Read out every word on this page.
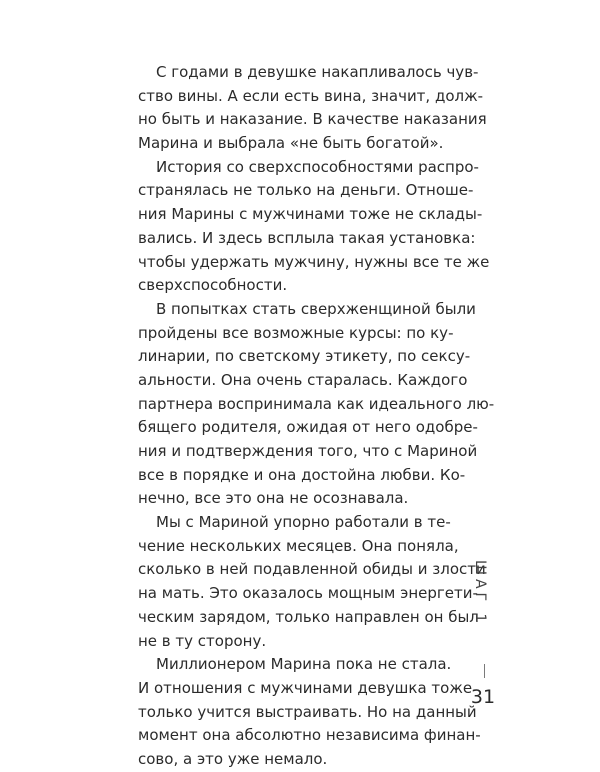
С годами в девушке накапливалось чув-
ство вины. А если есть вина, значит, долж-
но быть и наказание. В качестве наказания
Марина и выбрала «не быть богатой».
История со сверхспособностями распро-
странялась не только на деньги. Отноше-
ния Марины с мужчинами тоже не склады-
вались. И здесь всплыла такая установка:
чтобы удержать мужчину, нужны все те же
сверхспособности.
В попытках стать сверхженщиной были
пройдены все возможные курсы: по ку-
линарии, по светскому этикету, по сексу-
альности. Она очень старалась. Каждого
партнера воспринимала как идеального лю-
бящего родителя, ожидая от него одобре-
ния и подтверждения того, что с Мариной
все в порядке и она достойна любви. Ко-
нечно, все это она не осознавала.
Мы с Мариной упорно работали в те-
чение нескольких месяцев. Она поняла,
сколько в ней подавленной обиды и злости
на мать. Это оказалось мощным энергети-
ческим зарядом, только направлен он был
не в ту сторону.
Миллионером Марина пока не стала.
И отношения с мужчинами девушка тоже
только учится выстраивать. Но на данный
момент она абсолютно независима финан-
сово, а это уже немало.
ШАГ 1
31
